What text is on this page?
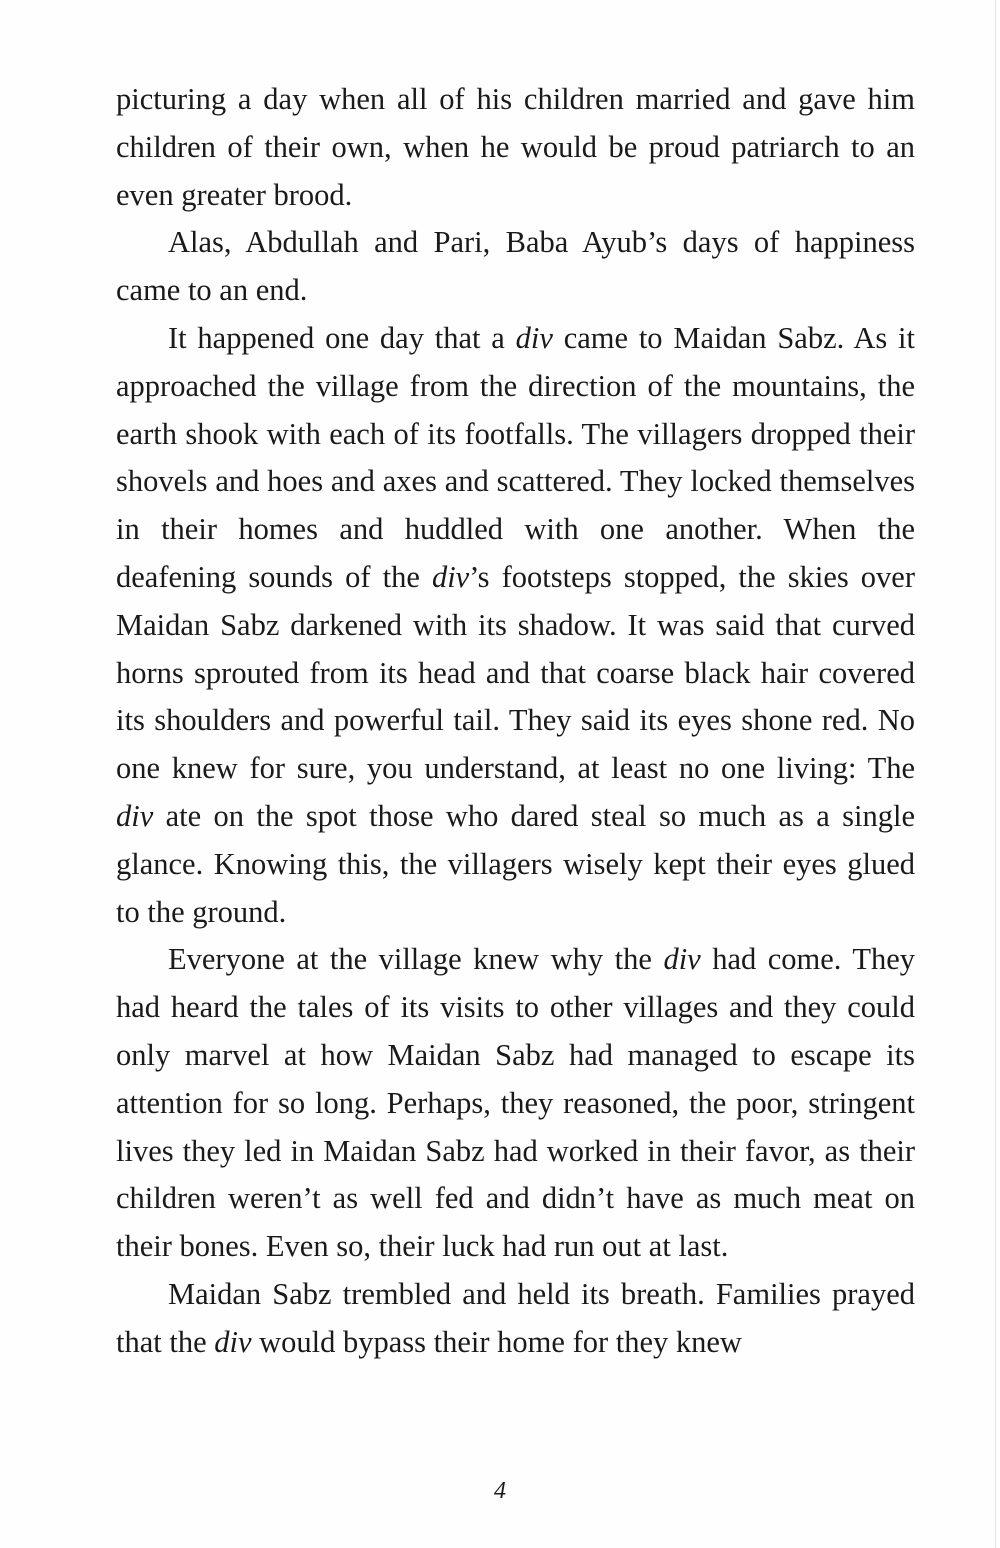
picturing a day when all of his children married and gave him children of their own, when he would be proud patriarch to an even greater brood.

Alas, Abdullah and Pari, Baba Ayub’s days of happiness came to an end.

It happened one day that a div came to Maidan Sabz. As it approached the village from the direction of the mountains, the earth shook with each of its footfalls. The villagers dropped their shovels and hoes and axes and scattered. They locked themselves in their homes and huddled with one another. When the deafening sounds of the div’s footsteps stopped, the skies over Maidan Sabz darkened with its shadow. It was said that curved horns sprouted from its head and that coarse black hair covered its shoulders and powerful tail. They said its eyes shone red. No one knew for sure, you understand, at least no one living: The div ate on the spot those who dared steal so much as a single glance. Knowing this, the villagers wisely kept their eyes glued to the ground.

Everyone at the village knew why the div had come. They had heard the tales of its visits to other villages and they could only marvel at how Maidan Sabz had managed to escape its attention for so long. Perhaps, they reasoned, the poor, stringent lives they led in Maidan Sabz had worked in their favor, as their children weren’t as well fed and didn’t have as much meat on their bones. Even so, their luck had run out at last.

Maidan Sabz trembled and held its breath. Families prayed that the div would bypass their home for they knew

4
